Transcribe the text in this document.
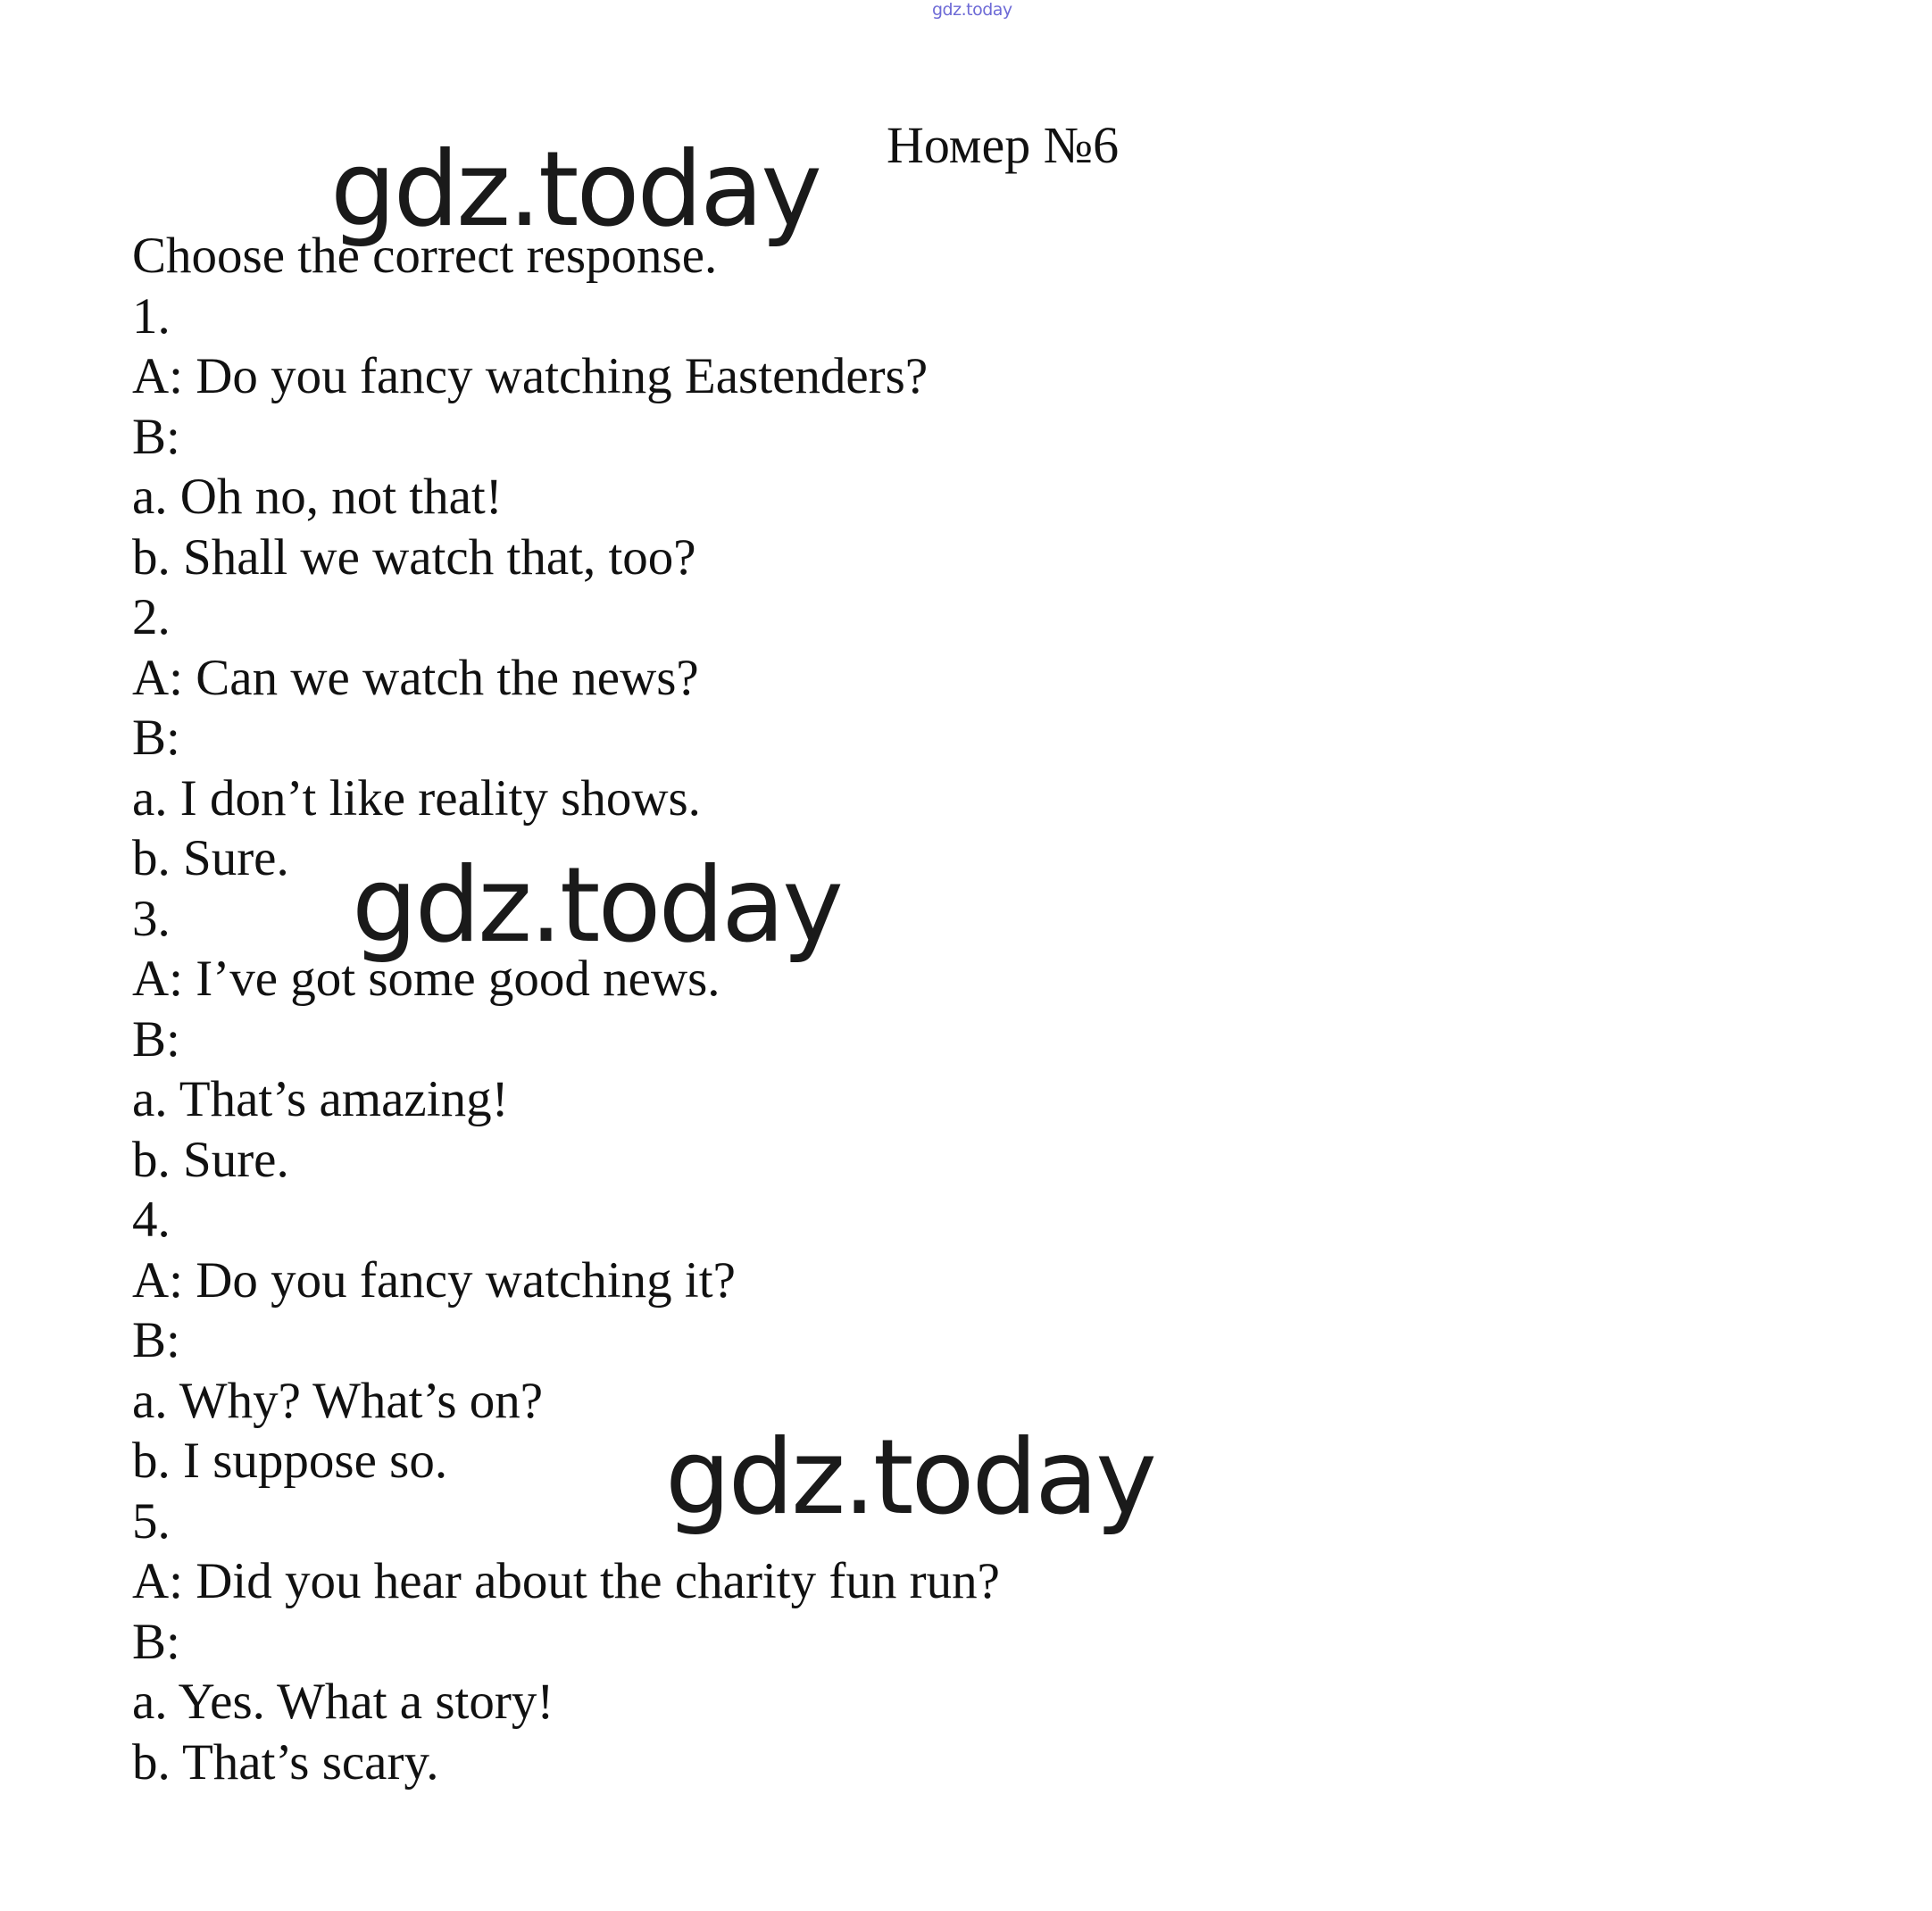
gdz.today
Номер №6
gdz.today
gdz.today
gdz.today
Choose the correct response.
1.
A: Do you fancy watching Eastenders?
B:
a. Oh no, not that!
b. Shall we watch that, too?
2.
A: Can we watch the news?
B:
a. I don’t like reality shows.
b. Sure.
3.
A: I’ve got some good news.
B:
a. That’s amazing!
b. Sure.
4.
A: Do you fancy watching it?
B:
a. Why? What’s on?
b. I suppose so.
5.
A: Did you hear about the charity fun run?
B:
a. Yes. What a story!
b. That’s scary.
